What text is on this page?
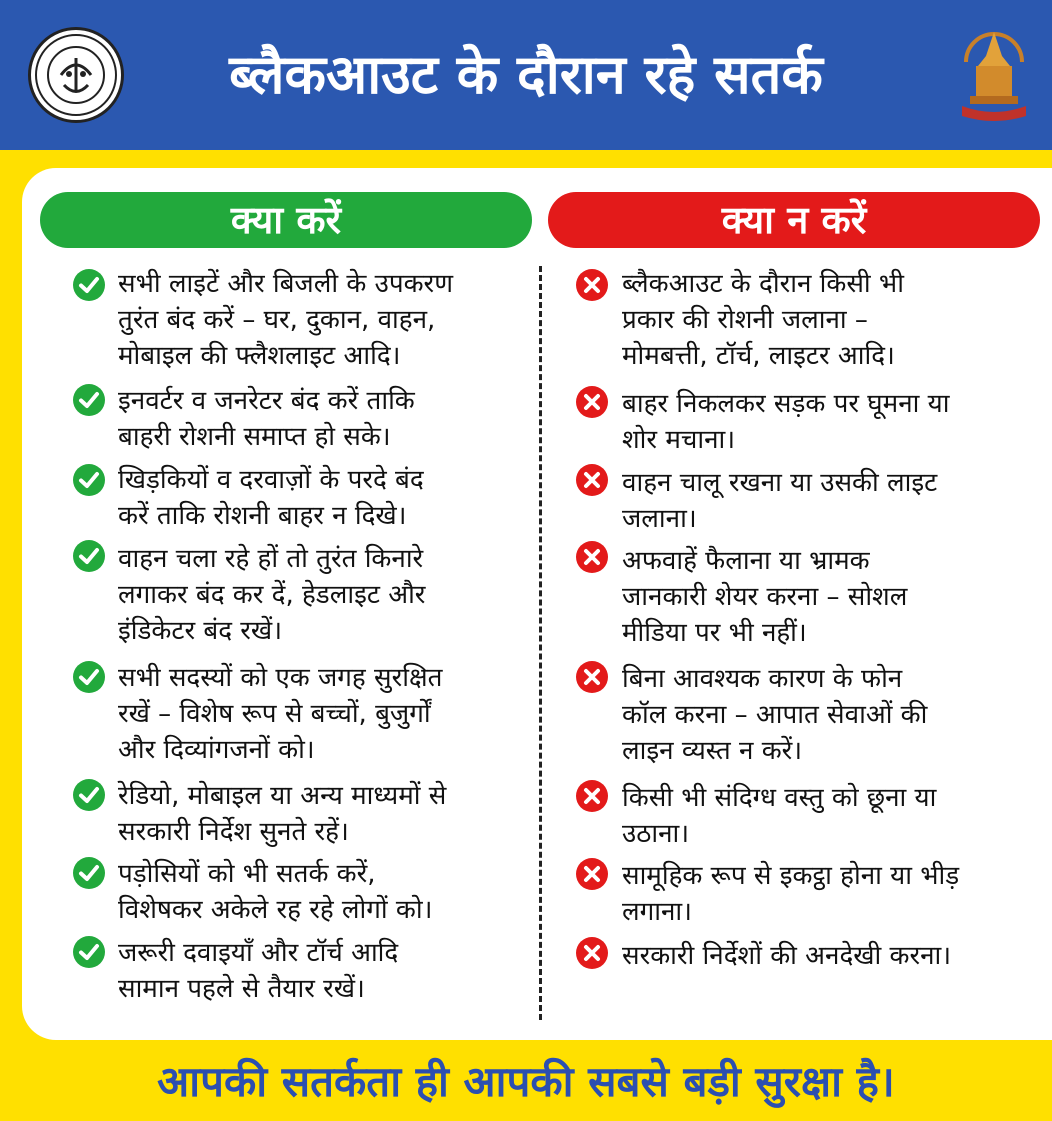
ब्लैकआउट के दौरान रहे सतर्क
क्या करें	क्या न करें
सभी लाइटें और बिजली के उपकरण
तुरंत बंद करें – घर, दुकान, वाहन,
मोबाइल की फ्लैशलाइट आदि।
इनवर्टर व जनरेटर बंद करें ताकि
बाहरी रोशनी समाप्त हो सके।
खिड़कियों व दरवाज़ों के परदे बंद
करें ताकि रोशनी बाहर न दिखे।
वाहन चला रहे हों तो तुरंत किनारे
लगाकर बंद कर दें, हेडलाइट और
इंडिकेटर बंद रखें।
सभी सदस्यों को एक जगह सुरक्षित
रखें – विशेष रूप से बच्चों, बुजुर्गों
और दिव्यांगजनों को।
रेडियो, मोबाइल या अन्य माध्यमों से
सरकारी निर्देश सुनते रहें।
पड़ोसियों को भी सतर्क करें,
विशेषकर अकेले रह रहे लोगों को।
जरूरी दवाइयाँ और टॉर्च आदि
सामान पहले से तैयार रखें।
ब्लैकआउट के दौरान किसी भी
प्रकार की रोशनी जलाना –
मोमबत्ती, टॉर्च, लाइटर आदि।
बाहर निकलकर सड़क पर घूमना या
शोर मचाना।
वाहन चालू रखना या उसकी लाइट
जलाना।
अफवाहें फैलाना या भ्रामक
जानकारी शेयर करना – सोशल
मीडिया पर भी नहीं।
बिना आवश्यक कारण के फोन
कॉल करना – आपात सेवाओं की
लाइन व्यस्त न करें।
किसी भी संदिग्ध वस्तु को छूना या
उठाना।
सामूहिक रूप से इकट्ठा होना या भीड़
लगाना।
सरकारी निर्देशों की अनदेखी करना।
आपकी सतर्कता ही आपकी सबसे बड़ी सुरक्षा है।
